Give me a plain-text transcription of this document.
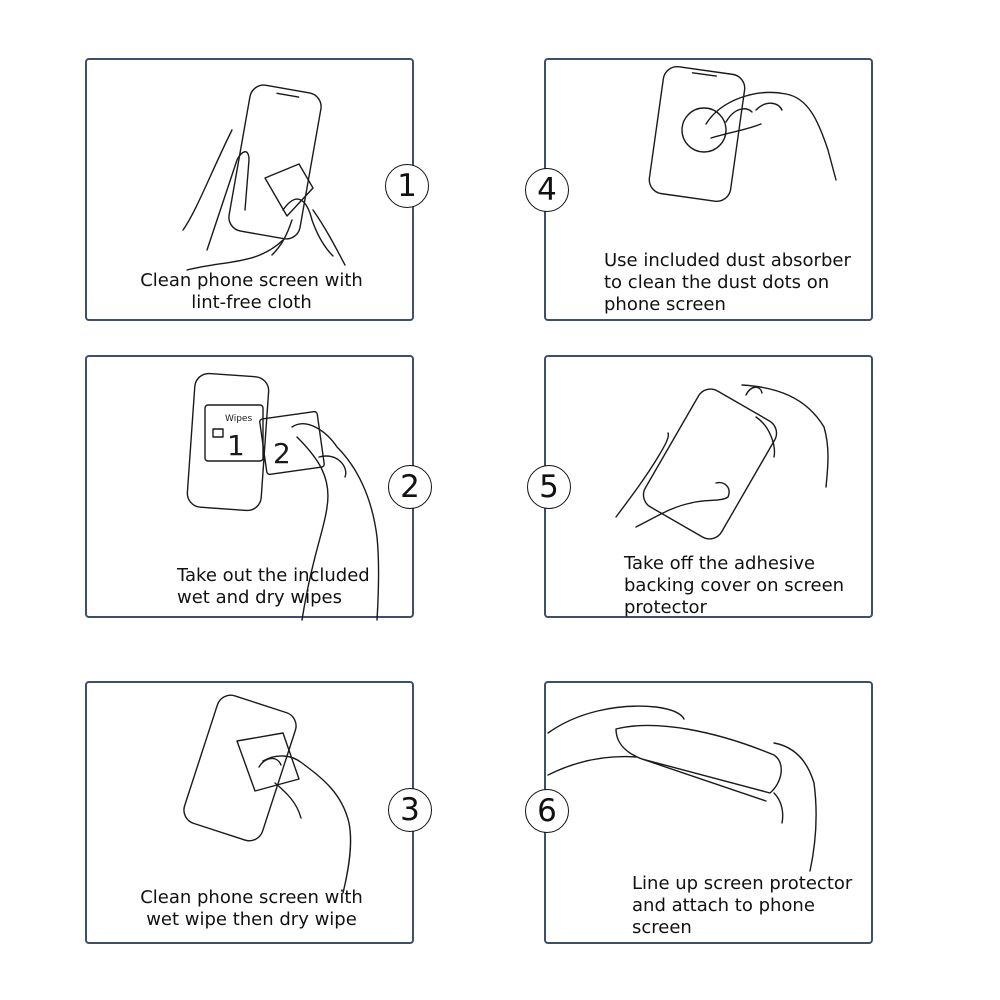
Clean phone screen with
lint-free cloth
1
Use included dust absorber
to clean the dust dots on
phone screen
4
Wipes
1 2
Take out the included
wet and dry wipes
2
Take off the adhesive
backing cover on screen
protector
5
Clean phone screen with
wet wipe then dry wipe
3
Line up screen protector
and attach to phone
screen
6
